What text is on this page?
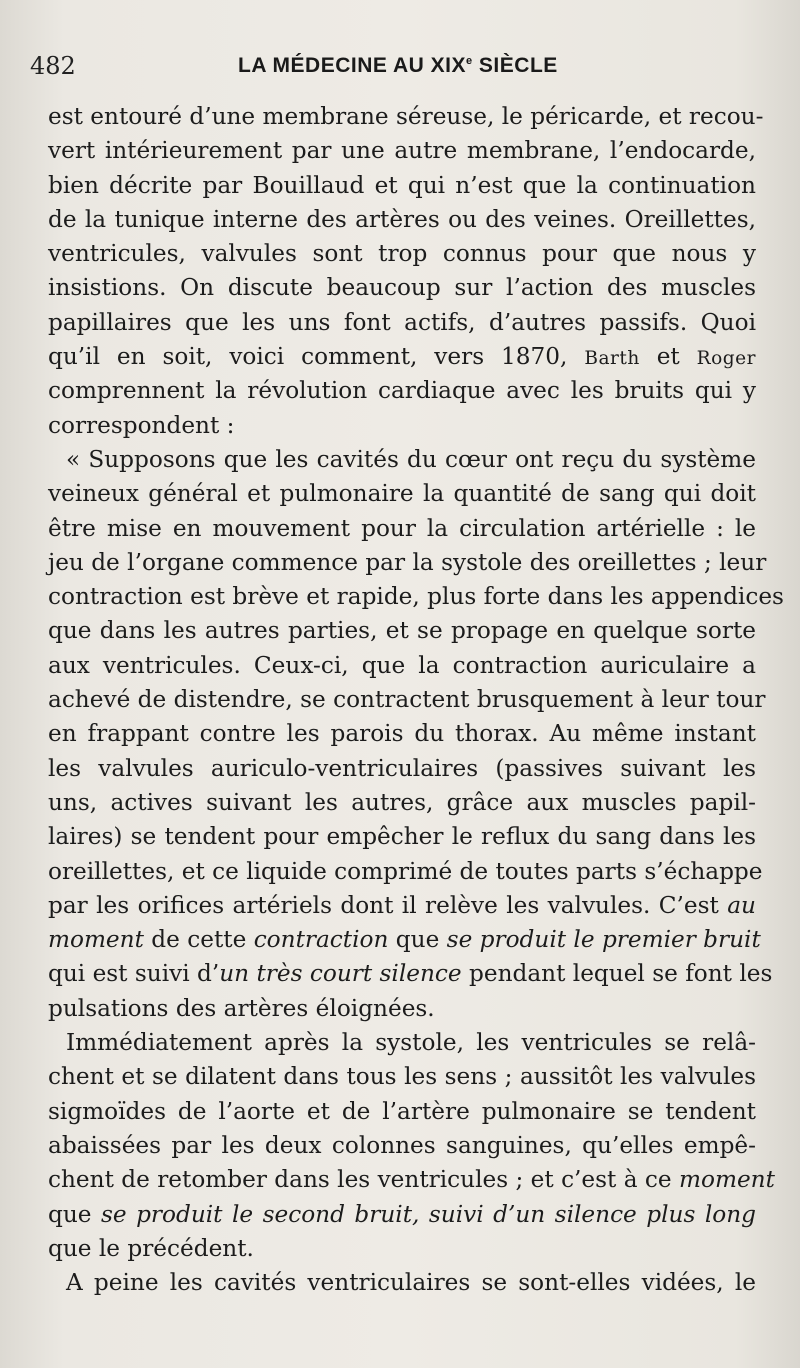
482	LA MÉDECINE AU XIXe SIÈCLE
est entouré d’une membrane séreuse, le péricarde, et recou-
vert intérieurement par une autre membrane, l’endocarde,
bien décrite par Bouillaud et qui n’est que la continuation
de la tunique interne des artères ou des veines. Oreillettes,
ventricules, valvules sont trop connus pour que nous y
insistions. On discute beaucoup sur l’action des muscles
papillaires que les uns font actifs, d’autres passifs. Quoi
qu’il en soit, voici comment, vers 1870, Barth et Roger
comprennent la révolution cardiaque avec les bruits qui y
correspondent :
« Supposons que les cavités du cœur ont reçu du système
veineux général et pulmonaire la quantité de sang qui doit
être mise en mouvement pour la circulation artérielle : le
jeu de l’organe commence par la systole des oreillettes ; leur
contraction est brève et rapide, plus forte dans les appendices
que dans les autres parties, et se propage en quelque sorte
aux ventricules. Ceux-ci, que la contraction auriculaire a
achevé de distendre, se contractent brusquement à leur tour
en frappant contre les parois du thorax. Au même instant
les valvules auriculo-ventriculaires (passives suivant les
uns, actives suivant les autres, grâce aux muscles papil-
laires) se tendent pour empêcher le reflux du sang dans les
oreillettes, et ce liquide comprimé de toutes parts s’échappe
par les orifices artériels dont il relève les valvules. C’est au
moment de cette contraction que se produit le premier bruit
qui est suivi d’un très court silence pendant lequel se font les
pulsations des artères éloignées.
Immédiatement après la systole, les ventricules se relâ-
chent et se dilatent dans tous les sens ; aussitôt les valvules
sigmoïdes de l’aorte et de l’artère pulmonaire se tendent
abaissées par les deux colonnes sanguines, qu’elles empê-
chent de retomber dans les ventricules ; et c’est à ce moment
que se produit le second bruit, suivi d’un silence plus long
que le précédent.
A peine les cavités ventriculaires se sont-elles vidées, le
